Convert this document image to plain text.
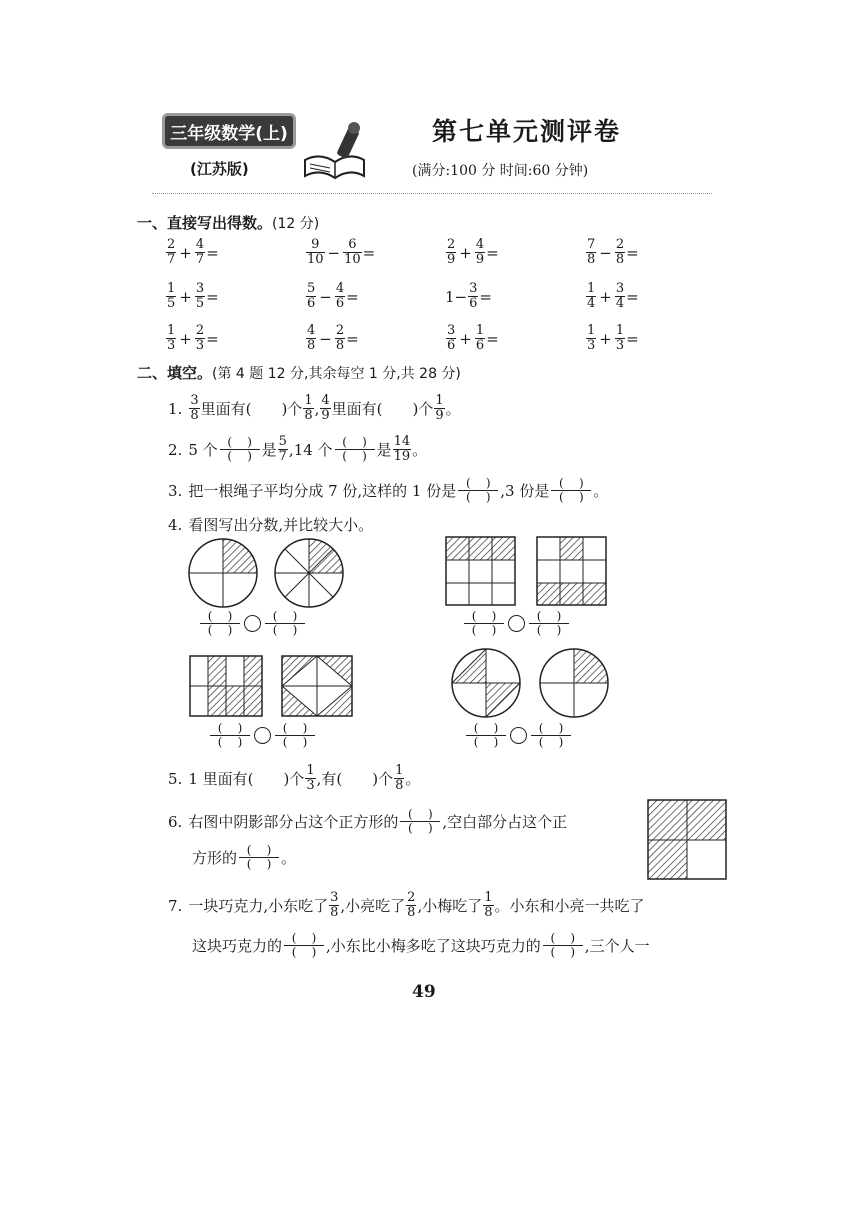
三年级数学(上)
(江苏版)
第七单元测评卷
(满分:100 分 时间:60 分钟)
一、直接写出得数。(12 分)
$\frac{2}{7} + \frac{4}{7}$ =	$\frac{9}{10} - \frac{6}{10}$ =	$\frac{2}{9} + \frac{4}{9}$ =	$\frac{7}{8} - \frac{2}{8}$ =
$\frac{1}{5} + \frac{3}{5}$ =	$\frac{5}{6} - \frac{4}{6}$ =	$1- \frac{3}{6}$ =	$\frac{1}{4} + \frac{3}{4}$ =
$\frac{1}{3} + \frac{2}{3}$ =	$\frac{4}{8} - \frac{2}{8}$ =	$\frac{3}{6} + \frac{1}{6}$ =	$\frac{1}{3} + \frac{1}{3}$ =
二、填空。(第 4 题 12 分,其余每空 1 分,共 28 分)
1. $\frac{3}{8}$ 里面有( )个 $\frac{1}{8}$ , $\frac{4}{9}$ 里面有( )个 $\frac{1}{9}$ 。
2. 5 个 (    )
(    ) 是 $\frac{5}{7} ,14$ 个 (    )
(    ) 是 $\frac{14}{19}$ 。
3. 把一根绳子平均分成 7 份,这样的 1 份是 (    )
(    ) ,3 份是 (    )
(    ) 。
4. 看图写出分数,并比较大小。
(    )
(    )
(    )
(    )
(    )
(    )
(    )
(    )
(    )
(    )
(    )
(    )
(    )
(    )
(    )
(    )
5. 1 里面有( )个 $\frac{1}{3}$ ,有( )个 $\frac{1}{8}$ 。
6. 右图中阴影部分占这个正方形的 (    )
(    ) ,空白部分占这个正
方形的 (    )
(    ) 。
7. 一块巧克力,小东吃了 $\frac{3}{8}$ ,小亮吃了 $\frac{2}{8}$ ,小梅吃了 $\frac{1}{8}$ 。小东和小亮一共吃了
这块巧克力的 (    )
(    ) ,小东比小梅多吃了这块巧克力的 (    )
(    ) ,三个人一
49
